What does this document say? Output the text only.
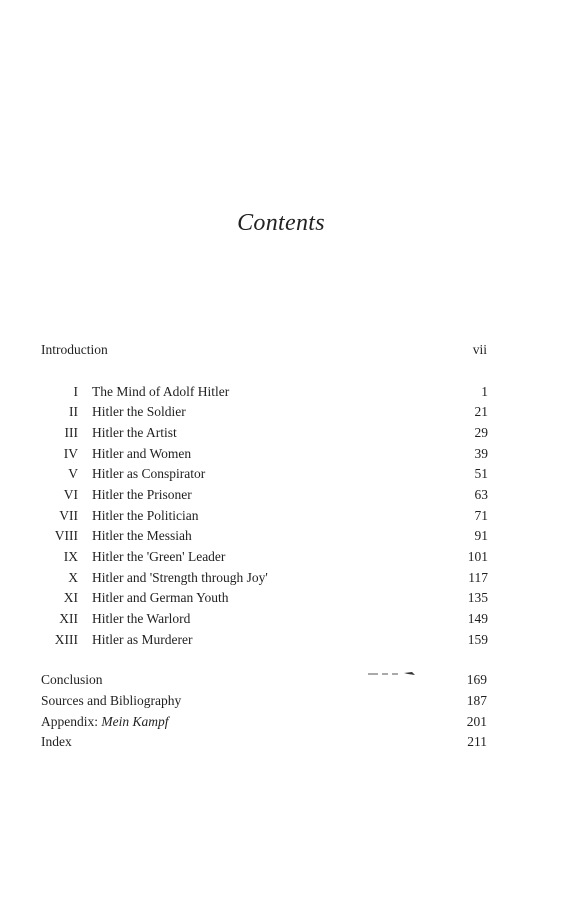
Contents
Introduction	vii
I The Mind of Adolf Hitler	1
II Hitler the Soldier	21
III Hitler the Artist	29
IV Hitler and Women	39
V Hitler as Conspirator	51
VI Hitler the Prisoner	63
VII Hitler the Politician	71
VIII Hitler the Messiah	91
IX Hitler the 'Green' Leader	101
X Hitler and 'Strength through Joy'	117
XI Hitler and German Youth	135
XII Hitler the Warlord	149
XIII Hitler as Murderer	159
Conclusion	169
Sources and Bibliography	187
Appendix: Mein Kampf	201
Index	211
